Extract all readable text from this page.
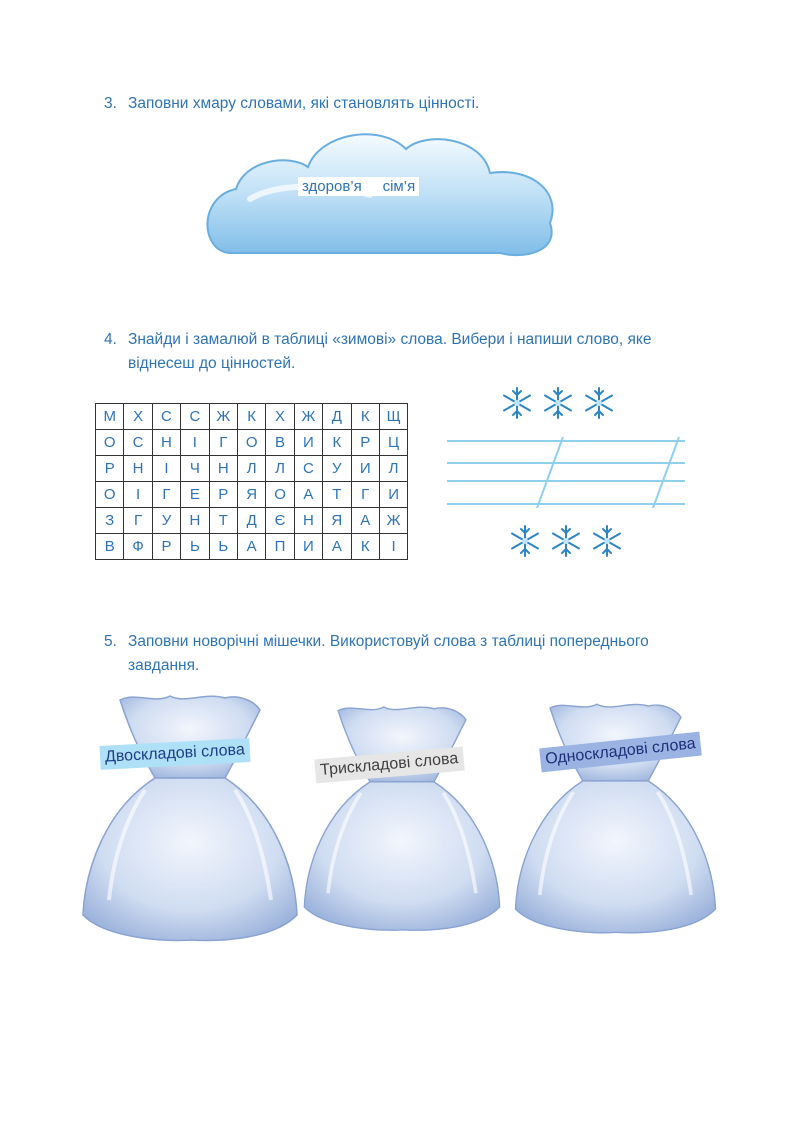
3. Заповни хмару словами, які становлять цінності.
здоров’я     сім’я
4. Знайди і замалюй в таблиці «зимові» слова. Вибери і напиши слово, яке віднесеш до цінностей.
М	Х	С	С	Ж	К	Х	Ж	Д	К	Щ
О	С	Н	І	Г	О	В	И	К	Р	Ц
Р	Н	І	Ч	Н	Л	Л	С	У	И	Л
О	І	Г	Е	Р	Я	О	А	Т	Г	И
З	Г	У	Н	Т	Д	Є	Н	Я	А	Ж
В	Ф	Р	Ь	Ь	А	П	И	А	К	І
5. Заповни новорічні мішечки. Використовуй слова з таблиці попереднього завдання.
Двоскладові слова	Трискладові слова	Односкладові слова
